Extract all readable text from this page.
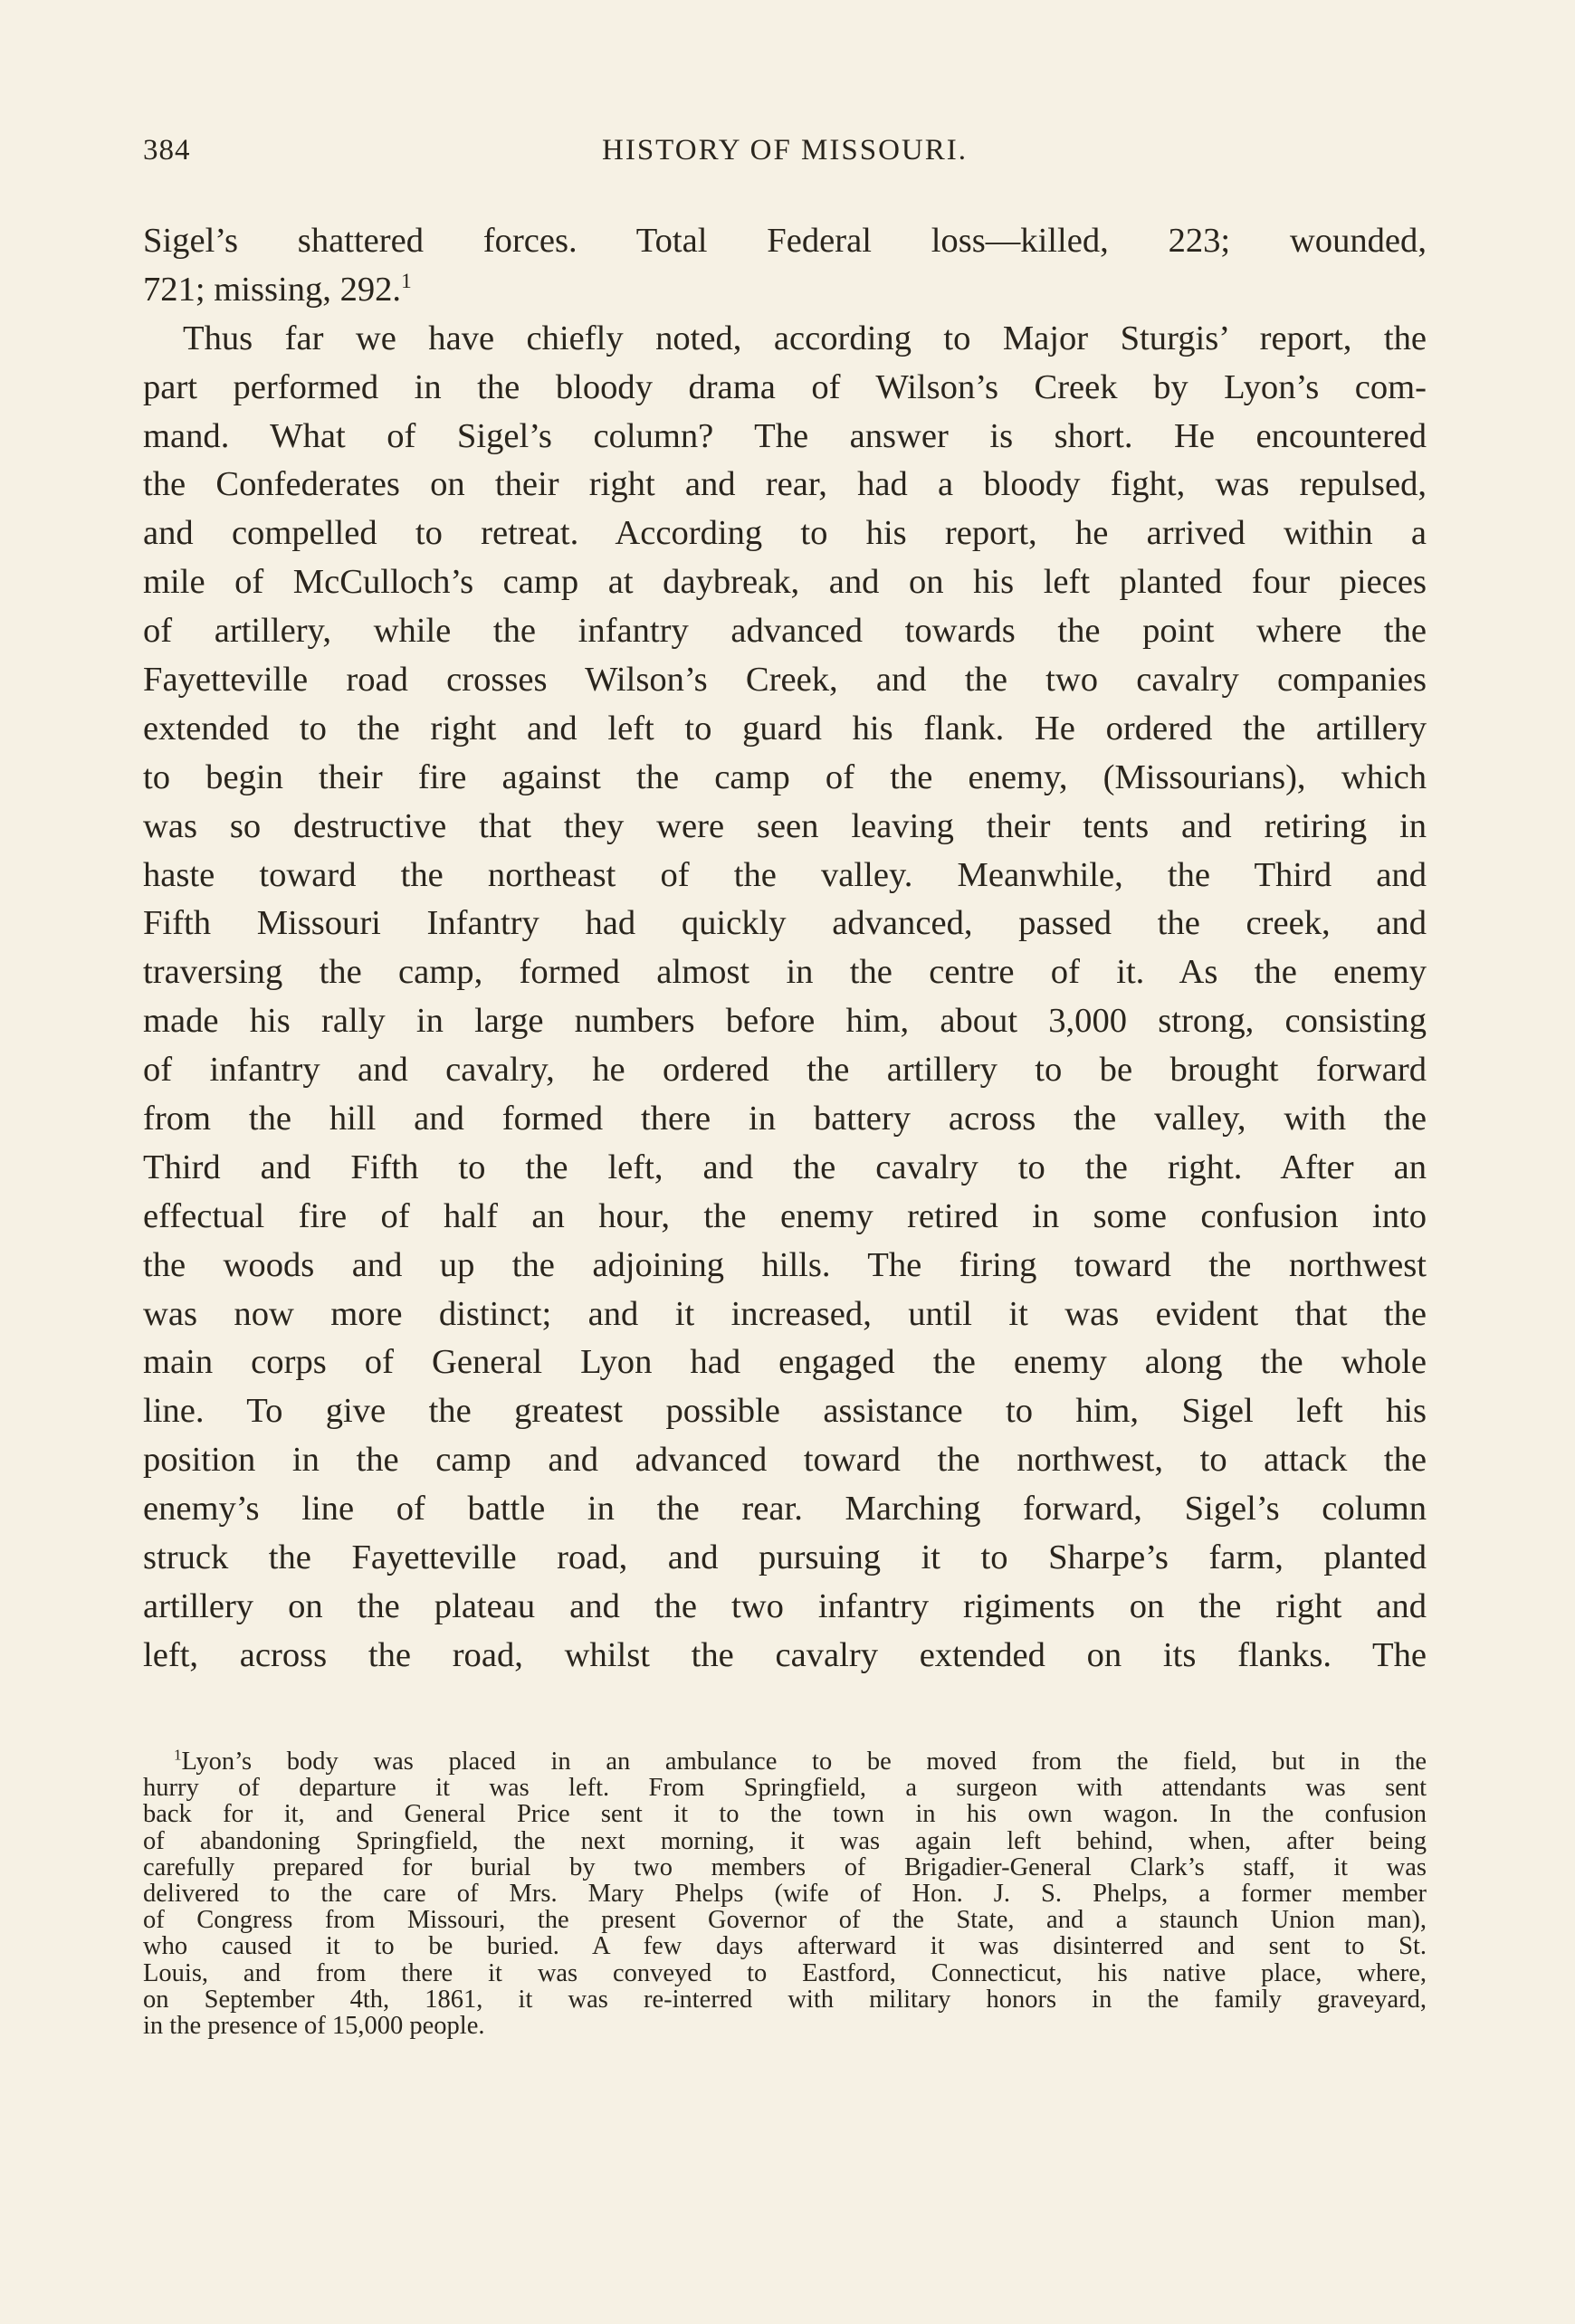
384	HISTORY OF MISSOURI.
Sigel’s shattered forces. Total Federal loss—killed, 223; wounded,
721; missing, 292.$^1$
Thus far we have chiefly noted, according to Major Sturgis’ report, the
part performed in the bloody drama of Wilson’s Creek by Lyon’s com-
mand. What of Sigel’s column? The answer is short. He encountered
the Confederates on their right and rear, had a bloody fight, was repulsed,
and compelled to retreat. According to his report, he arrived within a
mile of McCulloch’s camp at daybreak, and on his left planted four pieces
of artillery, while the infantry advanced towards the point where the
Fayetteville road crosses Wilson’s Creek, and the two cavalry companies
extended to the right and left to guard his flank. He ordered the artillery
to begin their fire against the camp of the enemy, (Missourians), which
was so destructive that they were seen leaving their tents and retiring in
haste toward the northeast of the valley. Meanwhile, the Third and
Fifth Missouri Infantry had quickly advanced, passed the creek, and
traversing the camp, formed almost in the centre of it. As the enemy
made his rally in large numbers before him, about 3,000 strong, consisting
of infantry and cavalry, he ordered the artillery to be brought forward
from the hill and formed there in battery across the valley, with the
Third and Fifth to the left, and the cavalry to the right. After an
effectual fire of half an hour, the enemy retired in some confusion into
the woods and up the adjoining hills. The firing toward the northwest
was now more distinct; and it increased, until it was evident that the
main corps of General Lyon had engaged the enemy along the whole
line. To give the greatest possible assistance to him, Sigel left his
position in the camp and advanced toward the northwest, to attack the
enemy’s line of battle in the rear. Marching forward, Sigel’s column
struck the Fayetteville road, and pursuing it to Sharpe’s farm, planted
artillery on the plateau and the two infantry rigiments on the right and
left, across the road, whilst the cavalry extended on its flanks. The
$^1$Lyon’s body was placed in an ambulance to be moved from the field, but in the
hurry of departure it was left. From Springfield, a surgeon with attendants was sent
back for it, and General Price sent it to the town in his own wagon. In the confusion
of abandoning Springfield, the next morning, it was again left behind, when, after being
carefully prepared for burial by two members of Brigadier-General Clark’s staff, it was
delivered to the care of Mrs. Mary Phelps (wife of Hon. J. S. Phelps, a former member
of Congress from Missouri, the present Governor of the State, and a staunch Union man),
who caused it to be buried. A few days afterward it was disinterred and sent to St.
Louis, and from there it was conveyed to Eastford, Connecticut, his native place, where,
on September 4th, 1861, it was re-interred with military honors in the family graveyard,
in the presence of 15,000 people.
